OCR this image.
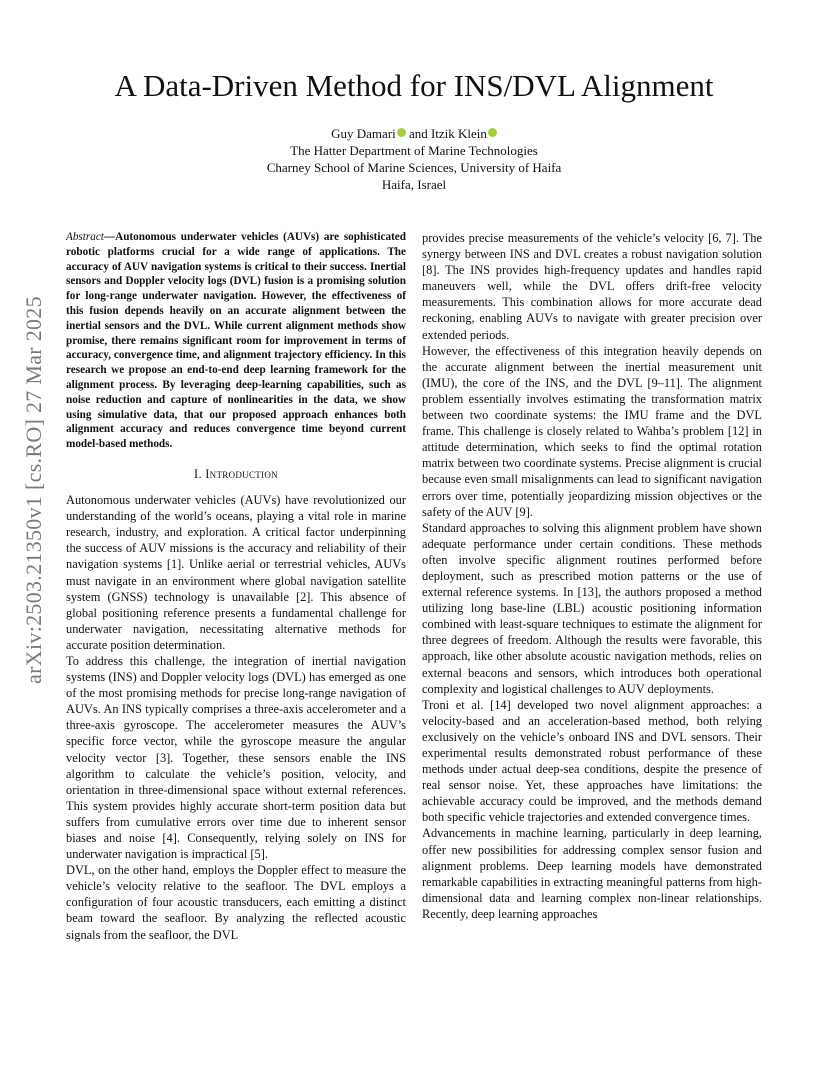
arXiv:2503.21350v1 [cs.RO] 27 Mar 2025
A Data-Driven Method for INS/DVL Alignment
Guy Damari and Itzik Klein
The Hatter Department of Marine Technologies
Charney School of Marine Sciences, University of Haifa
Haifa, Israel

Abstract—Autonomous underwater vehicles (AUVs) are sophisticated robotic platforms crucial for a wide range of applications. The accuracy of AUV navigation systems is critical to their success. Inertial sensors and Doppler velocity logs (DVL) fusion is a promising solution for long-range underwater navigation. However, the effectiveness of this fusion depends heavily on an accurate alignment between the inertial sensors and the DVL. While current alignment methods show promise, there remains significant room for improvement in terms of accuracy, convergence time, and alignment trajectory efficiency. In this research we propose an end-to-end deep learning framework for the alignment process. By leveraging deep-learning capabilities, such as noise reduction and capture of nonlinearities in the data, we show using simulative data, that our proposed approach enhances both alignment accuracy and reduces convergence time beyond current model-based methods.

I. Introduction

Autonomous underwater vehicles (AUVs) have revolutionized our understanding of the world’s oceans, playing a vital role in marine research, industry, and exploration. A critical factor underpinning the success of AUV missions is the accuracy and reliability of their navigation systems [1]. Unlike aerial or terrestrial vehicles, AUVs must navigate in an environment where global navigation satellite system (GNSS) technology is unavailable [2]. This absence of global positioning reference presents a fundamental challenge for underwater navigation, necessitating alternative methods for accurate position determination.

To address this challenge, the integration of inertial navigation systems (INS) and Doppler velocity logs (DVL) has emerged as one of the most promising methods for precise long-range navigation of AUVs. An INS typically comprises a three-axis accelerometer and a three-axis gyroscope. The accelerometer measures the AUV’s specific force vector, while the gyroscope measure the angular velocity vector [3]. Together, these sensors enable the INS algorithm to calculate the vehicle’s position, velocity, and orientation in three-dimensional space without external references. This system provides highly accurate short-term position data but suffers from cumulative errors over time due to inherent sensor biases and noise [4]. Consequently, relying solely on INS for underwater navigation is impractical [5].

DVL, on the other hand, employs the Doppler effect to measure the vehicle’s velocity relative to the seafloor. The DVL employs a configuration of four acoustic transducers, each emitting a distinct beam toward the seafloor. By analyzing the reflected acoustic signals from the seafloor, the DVL

provides precise measurements of the vehicle’s velocity [6, 7]. The synergy between INS and DVL creates a robust navigation solution [8]. The INS provides high-frequency updates and handles rapid maneuvers well, while the DVL offers drift-free velocity measurements. This combination allows for more accurate dead reckoning, enabling AUVs to navigate with greater precision over extended periods.

However, the effectiveness of this integration heavily depends on the accurate alignment between the inertial measurement unit (IMU), the core of the INS, and the DVL [9–11]. The alignment problem essentially involves estimating the transformation matrix between two coordinate systems: the IMU frame and the DVL frame. This challenge is closely related to Wahba’s problem [12] in attitude determination, which seeks to find the optimal rotation matrix between two coordinate systems. Precise alignment is crucial because even small misalignments can lead to significant navigation errors over time, potentially jeopardizing mission objectives or the safety of the AUV [9].

Standard approaches to solving this alignment problem have shown adequate performance under certain conditions. These methods often involve specific alignment routines performed before deployment, such as prescribed motion patterns or the use of external reference systems. In [13], the authors proposed a method utilizing long base-line (LBL) acoustic positioning information combined with least-square techniques to estimate the alignment for three degrees of freedom. Although the results were favorable, this approach, like other absolute acoustic navigation methods, relies on external beacons and sensors, which introduces both operational complexity and logistical challenges to AUV deployments.

Troni et al. [14] developed two novel alignment approaches: a velocity-based and an acceleration-based method, both relying exclusively on the vehicle’s onboard INS and DVL sensors. Their experimental results demonstrated robust performance of these methods under actual deep-sea conditions, despite the presence of real sensor noise. Yet, these approaches have limitations: the achievable accuracy could be improved, and the methods demand both specific vehicle trajectories and extended convergence times.

Advancements in machine learning, particularly in deep learning, offer new possibilities for addressing complex sensor fusion and alignment problems. Deep learning models have demonstrated remarkable capabilities in extracting meaningful patterns from high-dimensional data and learning complex non-linear relationships. Recently, deep learning approaches
